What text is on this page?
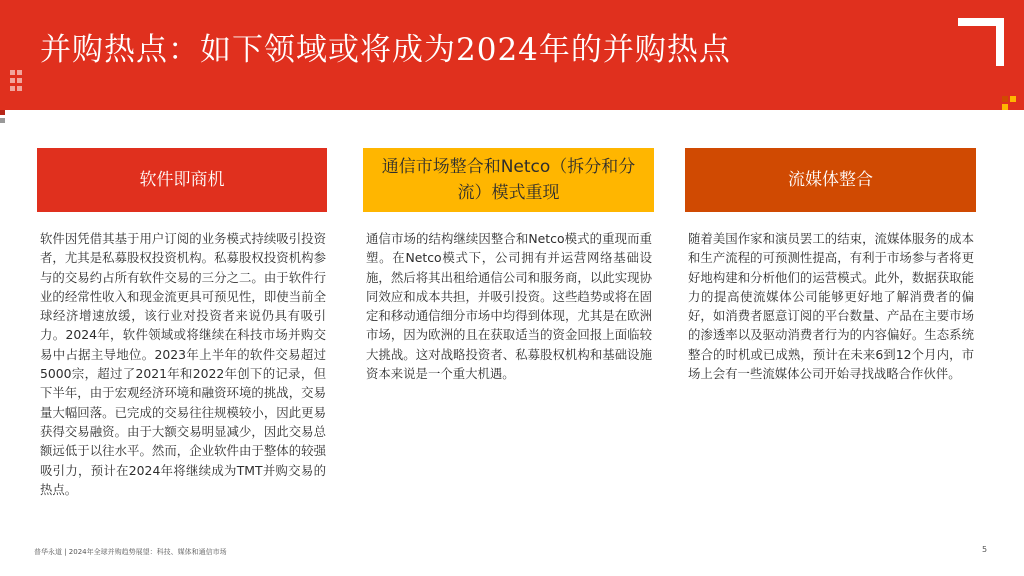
并购热点：如下领域或将成为2024年的并购热点
软件即商机
通信市场整合和Netco（拆分和分流）模式重现
流媒体整合
软件因凭借其基于用户订阅的业务模式持续吸引投资者，尤其是私募股权投资机构。私募股权投资机构参与的交易约占所有软件交易的三分之二。由于软件行业的经常性收入和现金流更具可预见性，即使当前全球经济增速放缓，该行业对投资者来说仍具有吸引力。2024年，软件领域或将继续在科技市场并购交易中占据主导地位。2023年上半年的软件交易超过5000宗，超过了2021年和2022年创下的记录，但下半年，由于宏观经济环境和融资环境的挑战，交易量大幅回落。已完成的交易往往规模较小，因此更易获得交易融资。由于大额交易明显减少，因此交易总额远低于以往水平。然而，企业软件由于整体的较强吸引力，预计在2024年将继续成为TMT并购交易的热点。
通信市场的结构继续因整合和Netco模式的重现而重塑。在Netco模式下，公司拥有并运营网络基础设施，然后将其出租给通信公司和服务商，以此实现协同效应和成本共担，并吸引投资。这些趋势或将在固定和移动通信细分市场中均得到体现，尤其是在欧洲市场，因为欧洲的且在获取适当的资金回报上面临较大挑战。这对战略投资者、私募股权机构和基础设施资本来说是一个重大机遇。
随着美国作家和演员罢工的结束，流媒体服务的成本和生产流程的可预测性提高，有利于市场参与者将更好地构建和分析他们的运营模式。此外，数据获取能力的提高使流媒体公司能够更好地了解消费者的偏好，如消费者愿意订阅的平台数量、产品在主要市场的渗透率以及驱动消费者行为的内容偏好。生态系统整合的时机或已成熟，预计在未来6到12个月内，市场上会有一些流媒体公司开始寻找战略合作伙伴。
普华永道 | 2024年全球并购趋势展望：科技、媒体和通信市场	5
